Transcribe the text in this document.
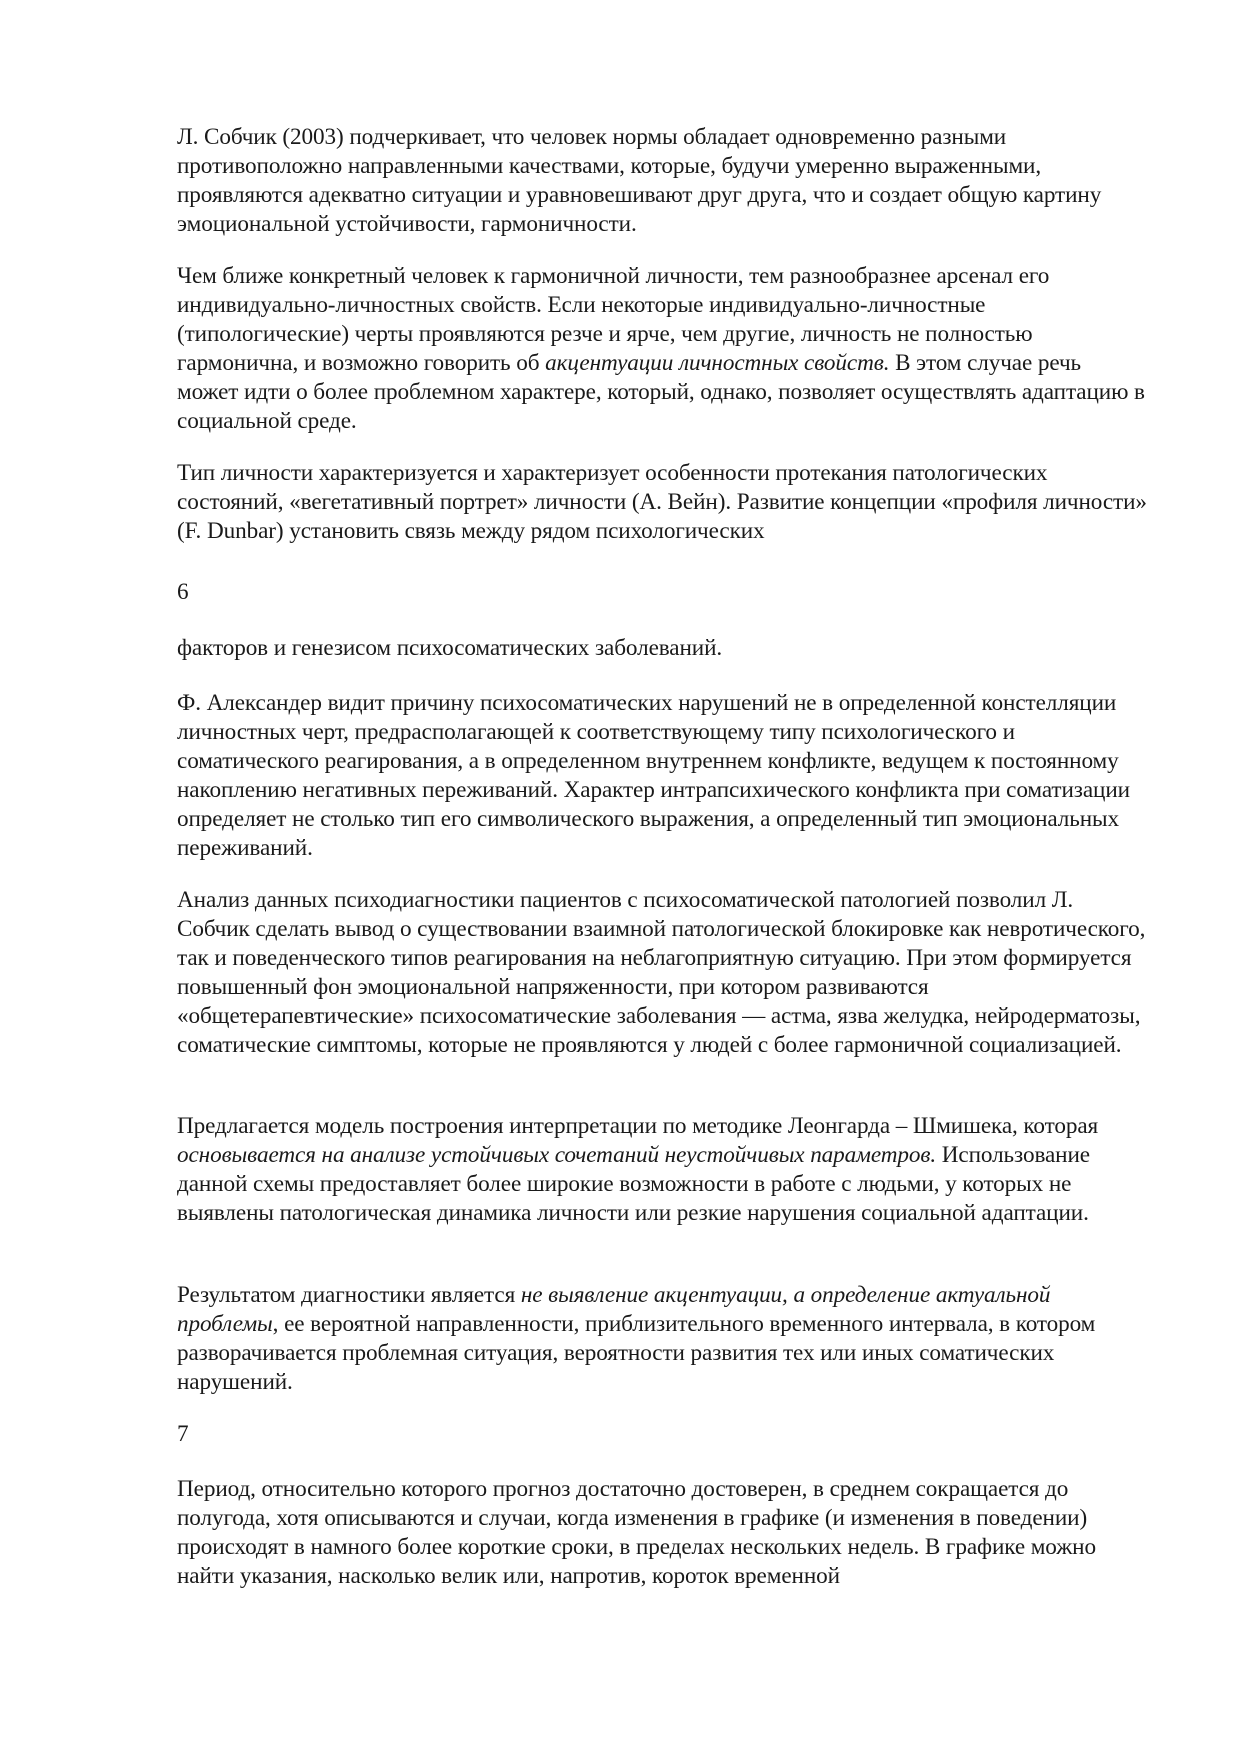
Л. Собчик (2003) подчеркивает, что человек нормы обладает одновременно разными противоположно направленными качествами, которые, будучи умеренно выраженными, проявляются адекватно ситуации и уравновешивают друг друга, что и создает общую картину эмоциональной устойчивости, гармоничности.

Чем ближе конкретный человек к гармоничной личности, тем разнообразнее арсенал его индивидуально-личностных свойств. Если некоторые индивидуально-личностные (типологические) черты проявляются резче и ярче, чем другие, личность не полностью гармонична, и возможно говорить об акцентуации личностных свойств. В этом случае речь может идти о более проблемном характере, который, однако, позволяет осуществлять адаптацию в социальной среде.

Тип личности характеризуется и характеризует особенности протекания патологических состояний, «вегетативный портрет» личности (А. Вейн). Развитие концепции «профиля личности» (F. Dunbar) установить связь между рядом психологических

6

факторов и генезисом психосоматических заболеваний.

Ф. Александер видит причину психосоматических нарушений не в определенной констелляции личностных черт, предрасполагающей к соответствующему типу психологического и соматического реагирования, а в определенном внутреннем конфликте, ведущем к постоянному накоплению негативных переживаний. Характер интрапсихического конфликта при соматизации определяет не столько тип его символического выражения, а определенный тип эмоциональных переживаний.

Анализ данных психодиагностики пациентов с психосоматической патологией позволил Л. Собчик сделать вывод о существовании взаимной патологической блокировке как невротического, так и поведенческого типов реагирования на неблагоприятную ситуацию. При этом формируется повышенный фон эмоциональной напряженности, при котором развиваются «общетерапевтические» психосоматические заболевания — астма, язва желудка, нейродерматозы, соматические симптомы, которые не проявляются у людей с более гармоничной социализацией.

Предлагается модель построения интерпретации по методике Леонгарда – Шмишека, которая основывается на анализе устойчивых сочетаний неустойчивых параметров. Использование данной схемы предоставляет более широкие возможности в работе с людьми, у которых не выявлены патологическая динамика личности или резкие нарушения социальной адаптации.

Результатом диагностики является не выявление акцентуации, а определение актуальной проблемы, ее вероятной направленности, приблизительного временного интервала, в котором разворачивается проблемная ситуация, вероятности развития тех или иных соматических нарушений.

7

Период, относительно которого прогноз достаточно достоверен, в среднем сокращается до полугода, хотя описываются и случаи, когда изменения в графике (и изменения в поведении) происходят в намного более короткие сроки, в пределах нескольких недель. В графике можно найти указания, насколько велик или, напротив, короток временной
